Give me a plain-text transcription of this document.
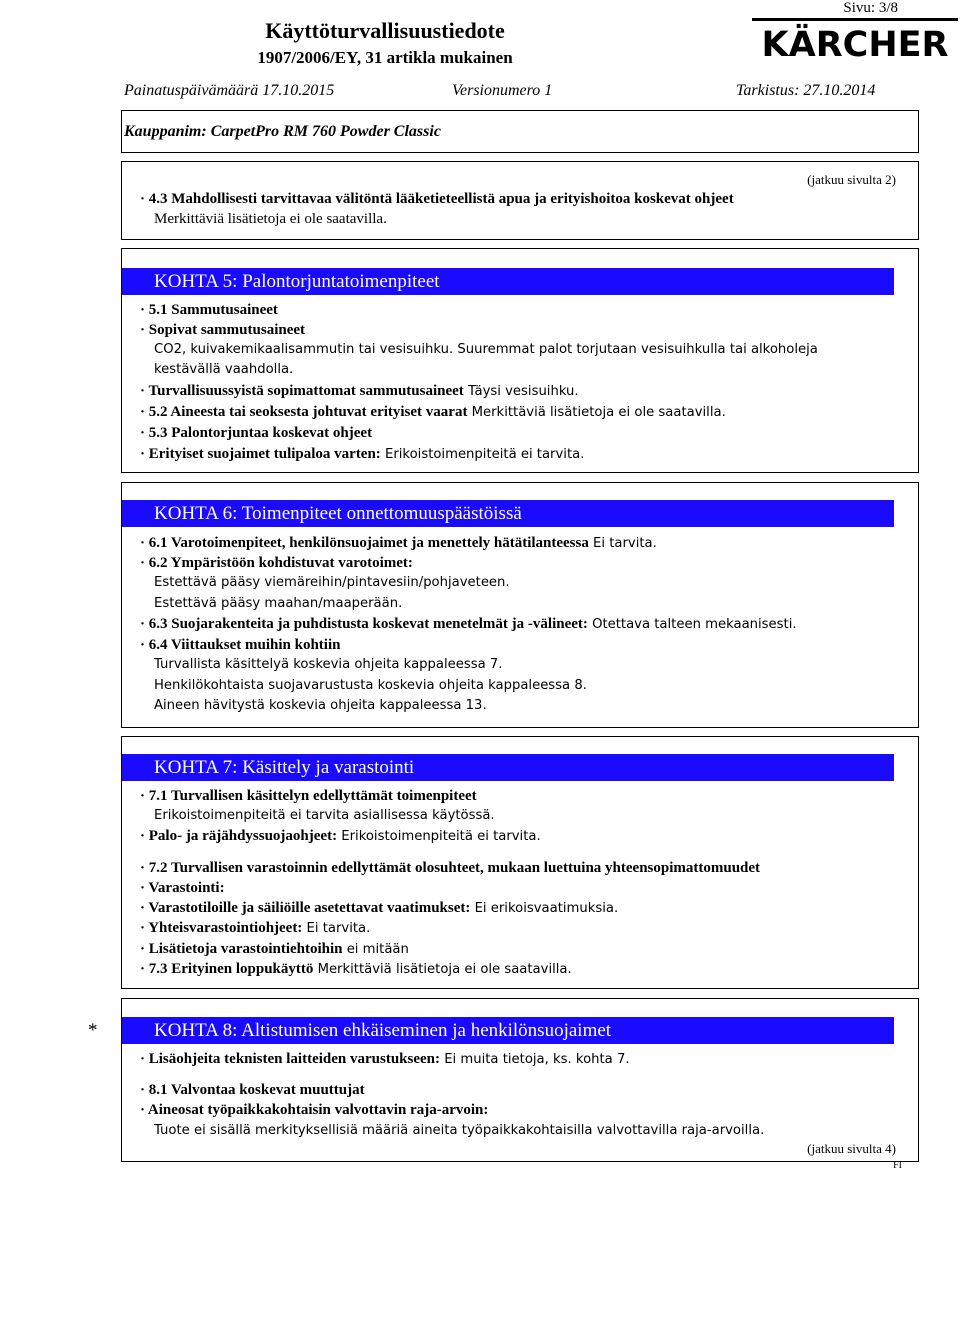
Sivu: 3/8
Käyttöturvallisuustiedote
1907/2006/EY, 31 artikla mukainen	KÄRCHER
Painatuspäivämäärä 17.10.2015	Versionumero 1	Tarkistus: 27.10.2014
Kauppanim: CarpetPro RM 760 Powder Classic
(jatkuu sivulta 2)
· 4.3 Mahdollisesti tarvittavaa välitöntä lääketieteellistä apua ja erityishoitoa koskevat ohjeet
Merkittäviä lisätietoja ei ole saatavilla.
KOHTA 5: Palontorjuntatoimenpiteet
· 5.1 Sammutusaineet
· Sopivat sammutusaineet
CO2, kuivakemikaalisammutin tai vesisuihku. Suuremmat palot torjutaan vesisuihkulla tai alkoholeja
kestävällä vaahdolla.
· Turvallisuussyistä sopimattomat sammutusaineet Täysi vesisuihku.
· 5.2 Aineesta tai seoksesta johtuvat erityiset vaarat Merkittäviä lisätietoja ei ole saatavilla.
· 5.3 Palontorjuntaa koskevat ohjeet
· Erityiset suojaimet tulipaloa varten: Erikoistoimenpiteitä ei tarvita.
KOHTA 6: Toimenpiteet onnettomuuspäästöissä
· 6.1 Varotoimenpiteet, henkilönsuojaimet ja menettely hätätilanteessa Ei tarvita.
· 6.2 Ympäristöön kohdistuvat varotoimet:
Estettävä pääsy viemäreihin/pintavesiin/pohjaveteen.
Estettävä pääsy maahan/maaperään.
· 6.3 Suojarakenteita ja puhdistusta koskevat menetelmät ja -välineet: Otettava talteen mekaanisesti.
· 6.4 Viittaukset muihin kohtiin
Turvallista käsittelyä koskevia ohjeita kappaleessa 7.
Henkilökohtaista suojavarustusta koskevia ohjeita kappaleessa 8.
Aineen hävitystä koskevia ohjeita kappaleessa 13.
KOHTA 7: Käsittely ja varastointi
· 7.1 Turvallisen käsittelyn edellyttämät toimenpiteet
Erikoistoimenpiteitä ei tarvita asiallisessa käytössä.
· Palo- ja räjähdyssuojaohjeet: Erikoistoimenpiteitä ei tarvita.
· 7.2 Turvallisen varastoinnin edellyttämät olosuhteet, mukaan luettuina yhteensopimattomuudet
· Varastointi:
· Varastotiloille ja säiliöille asetettavat vaatimukset: Ei erikoisvaatimuksia.
· Yhteisvarastointiohjeet: Ei tarvita.
· Lisätietoja varastointiehtoihin ei mitään
· 7.3 Erityinen loppukäyttö Merkittäviä lisätietoja ei ole saatavilla.
*	KOHTA 8: Altistumisen ehkäiseminen ja henkilönsuojaimet
· Lisäohjeita teknisten laitteiden varustukseen: Ei muita tietoja, ks. kohta 7.
· 8.1 Valvontaa koskevat muuttujat
· Aineosat työpaikkakohtaisin valvottavin raja-arvoin:
Tuote ei sisällä merkityksellisiä määriä aineita työpaikkakohtaisilla valvottavilla raja-arvoilla.
(jatkuu sivulta 4)
FI
